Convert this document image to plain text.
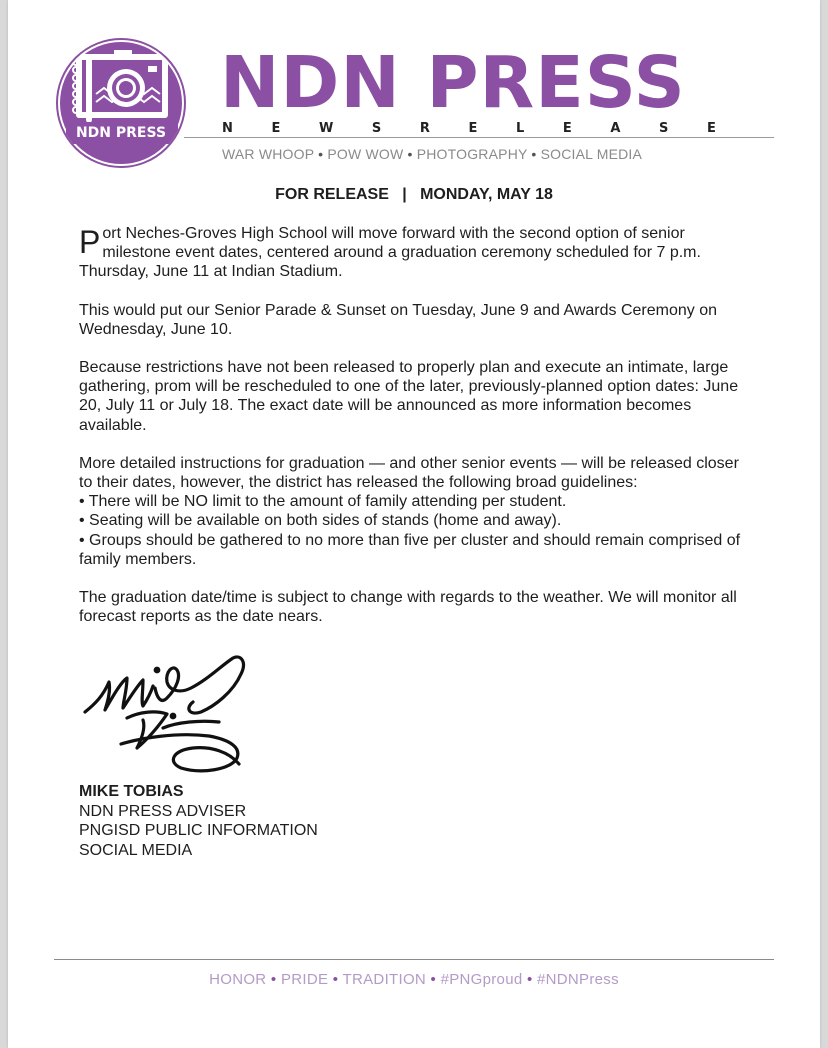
NDN PRESS
NDN PRESS
N	E	W	S	R	E	L	E	A	S	E
WAR WHOOP • POW WOW • PHOTOGRAPHY • SOCIAL MEDIA
FOR RELEASE | MONDAY, MAY 18

Port Neches-Groves High School will move forward with the second option of senior milestone event dates, centered around a graduation ceremony scheduled for 7 p.m. Thursday, June 11 at Indian Stadium.

This would put our Senior Parade & Sunset on Tuesday, June 9 and Awards Ceremony on Wednesday, June 10.

Because restrictions have not been released to properly plan and execute an intimate, large gathering, prom will be rescheduled to one of the later, previously-planned option dates: June 20, July 11 or July 18. The exact date will be announced as more information becomes available.

More detailed instructions for graduation — and other senior events — will be released closer to their dates, however, the district has released the following broad guidelines:
• There will be NO limit to the amount of family attending per student.
• Seating will be available on both sides of stands (home and away).
• Groups should be gathered to no more than five per cluster and should remain comprised of family members.

The graduation date/time is subject to change with regards to the weather. We will monitor all forecast reports as the date nears.

MIKE TOBIAS
NDN PRESS ADVISER
PNGISD PUBLIC INFORMATION
SOCIAL MEDIA
HONOR • PRIDE • TRADITION • #PNGproud • #NDNPress
